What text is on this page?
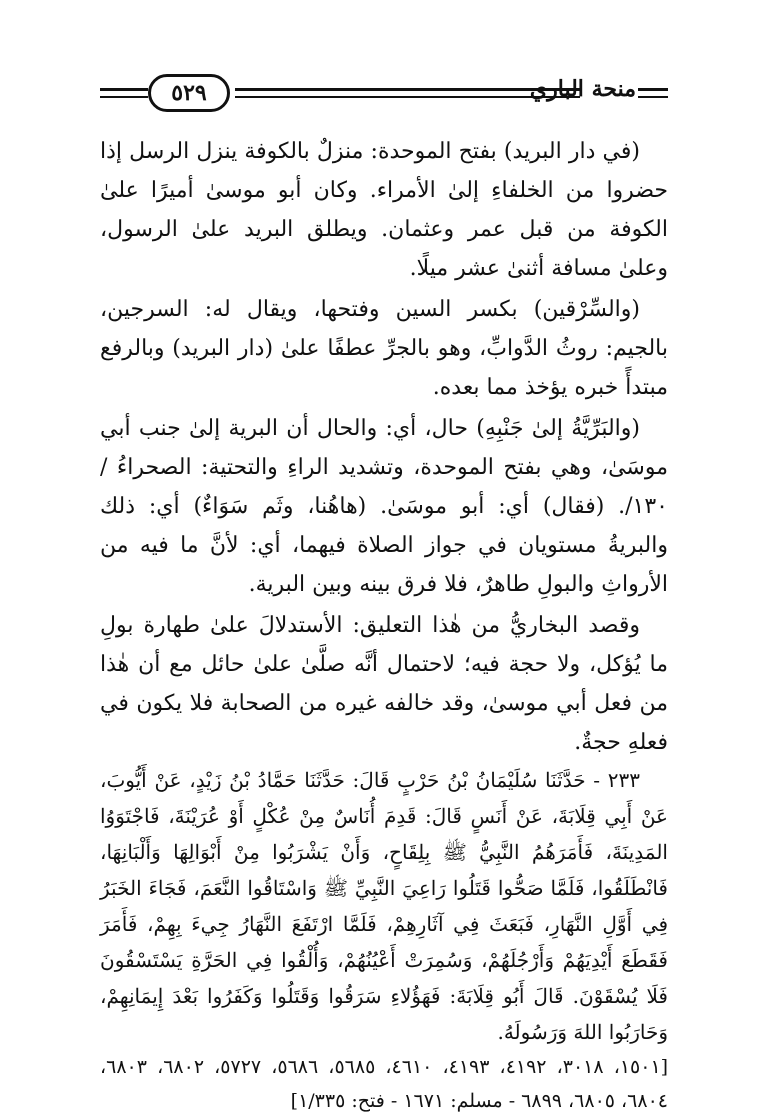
٥٢٩	منحة الباري

(في دار البريد) بفتح الموحدة: منزلٌ بالكوفة ينزل الرسل إذا حضروا من الخلفاءِ إلىٰ الأمراء. وكان أبو موسىٰ أميرًا علىٰ الكوفة من قبل عمر وعثمان. ويطلق البريد علىٰ الرسول، وعلىٰ مسافة أثنىٰ عشر ميلًا.

(والسِّرْقين) بكسر السين وفتحها، ويقال له: السرجين، بالجيم: روثُ الدَّوابِّ، وهو بالجرِّ عطفًا علىٰ (دار البريد) وبالرفع مبتدأً خبره يؤخذ مما بعده.

(والبَرِّيَّةُ إلىٰ جَنْبِهِ) حال، أي: والحال أن البرية إلىٰ جنب أبي موسَىٰ، وهي بفتح الموحدة، وتشديد الراءِ والتحتية: الصحراءُ / ١٣٠/. (فقال) أي: أبو موسَىٰ. (هاهُنا، وثَم سَوَاءٌ) أي: ذلك والبريةُ مستويان في جواز الصلاة فيهما، أي: لأنَّ ما فيه من الأرواثِ والبولِ طاهرٌ، فلا فرق بينه وبين البرية.

وقصد البخاريُّ من هٰذا التعليق: الأستدلالَ علىٰ طهارة بولِ ما يُؤكل، ولا حجة فيه؛ لاحتمال أنَّه صلَّىٰ علىٰ حائل مع أن هٰذا من فعل أبي موسىٰ، وقد خالفه غيره من الصحابة فلا يكون في فعلهِ حجةٌ.

٢٣٣ - حَدَّثَنَا سُلَيْمَانُ بْنُ حَرْبٍ قَالَ: حَدَّثَنَا حَمَّادُ بْنُ زَيْدٍ، عَنْ أَيُّوبَ، عَنْ أَبِي قِلَابَةَ، عَنْ أَنَسٍ قَالَ: قَدِمَ أُنَاسٌ مِنْ عُكْلٍ أَوْ عُرَيْنَةَ، فَاجْتَوَوُا المَدِينَةَ، فَأَمَرَهُمُ النَّبِيُّ ﷺ بِلِقَاحٍ، وَأَنْ يَشْرَبُوا مِنْ أَبْوَالِهَا وَأَلْبَانِهَا، فَانْطَلَقُوا، فَلَمَّا صَحُّوا قَتَلُوا رَاعِيَ النَّبِيِّ ﷺ وَاسْتَاقُوا النَّعَمَ، فَجَاءَ الخَبَرُ فِي أَوَّلِ النَّهَارِ، فَبَعَثَ فِي آثَارِهِمْ، فَلَمَّا ارْتَفَعَ النَّهَارُ جِيءَ بِهِمْ، فَأَمَرَ فَقَطَعَ أَيْدِيَهُمْ وَأَرْجُلَهُمْ، وَسُمِرَتْ أَعْيُنُهُمْ، وَأُلْقُوا فِي الحَرَّةِ يَسْتَسْقُونَ فَلَا يُسْقَوْنَ. قَالَ أَبُو قِلَابَةَ: فَهَؤُلاءِ سَرَقُوا وَقَتَلُوا وَكَفَرُوا بَعْدَ إِيمَانِهِمْ، وَحَارَبُوا اللهَ وَرَسُولَهُ.

[١٥٠١، ٣٠١٨، ٤١٩٢، ٤١٩٣، ٤٦١٠، ٥٦٨٥، ٥٦٨٦، ٥٧٢٧، ٦٨٠٢، ٦٨٠٣، ٦٨٠٤، ٦٨٠٥، ٦٨٩٩ - مسلم: ١٦٧١ - فتح: ١/٣٣٥]
